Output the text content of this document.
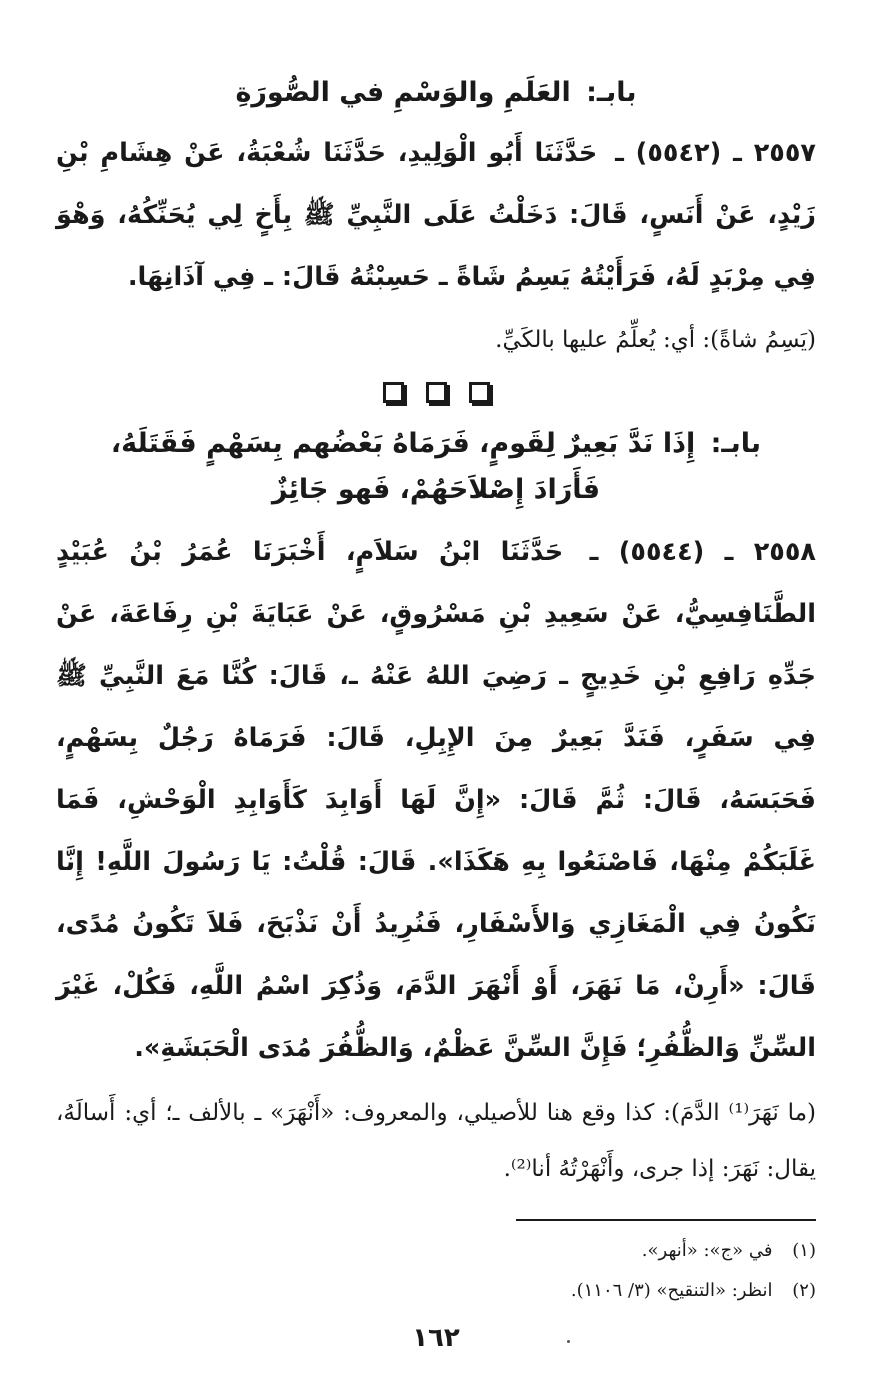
بابـ: العَلَمِ والوَسْمِ في الصُّورَةِ

٢٥٥٧ ـ (٥٥٤٢) ـ حَدَّثَنَا أَبُو الْوَلِيدِ، حَدَّثَنَا شُعْبَةُ، عَنْ هِشَامِ بْنِ زَيْدٍ، عَنْ أَنَسٍ، قَالَ: دَخَلْتُ عَلَى النَّبِيِّ ﷺ بِأَخٍ لِي يُحَنِّكُهُ، وَهْوَ فِي مِرْبَدٍ لَهُ، فَرَأَيْتُهُ يَسِمُ شَاةً ـ حَسِبْتُهُ قَالَ: ـ فِي آذَانِهَا.

(يَسِمُ شاةً): أي: يُعلِّمُ عليها بالكَيِّ.

بابـ: إِذَا نَدَّ بَعِيرٌ لِقَومٍ، فَرَمَاهُ بَعْضُهم بِسَهْمٍ فَقَتَلَهُ،
فَأَرَادَ إِصْلاَحَهُمْ، فَهو جَائِزٌ

٢٥٥٨ ـ (٥٥٤٤) ـ حَدَّثَنَا ابْنُ سَلاَمٍ، أَخْبَرَنَا عُمَرُ بْنُ عُبَيْدٍ الطَّنَافِسِيُّ، عَنْ سَعِيدِ بْنِ مَسْرُوقٍ، عَنْ عَبَايَةَ بْنِ رِفَاعَةَ، عَنْ جَدِّهِ رَافِعِ بْنِ خَدِيجٍ ـ رَضِيَ اللهُ عَنْهُ ـ، قَالَ: كُنَّا مَعَ النَّبِيِّ ﷺ فِي سَفَرٍ، فَنَدَّ بَعِيرٌ مِنَ الإِبِلِ، قَالَ: فَرَمَاهُ رَجُلٌ بِسَهْمٍ، فَحَبَسَهُ، قَالَ: ثُمَّ قَالَ: «إِنَّ لَهَا أَوَابِدَ كَأَوَابِدِ الْوَحْشِ، فَمَا غَلَبَكُمْ مِنْهَا، فَاصْنَعُوا بِهِ هَكَذَا». قَالَ: قُلْتُ: يَا رَسُولَ اللَّهِ! إِنَّا نَكُونُ فِي الْمَغَازِي وَالأَسْفَارِ، فَنُرِيدُ أَنْ نَذْبَحَ، فَلاَ تَكُونُ مُدًى، قَالَ: «أَرِنْ، مَا نَهَرَ، أَوْ أَنْهَرَ الدَّمَ، وَذُكِرَ اسْمُ اللَّهِ، فَكُلْ، غَيْرَ السِّنِّ وَالظُّفُرِ؛ فَإِنَّ السِّنَّ عَظْمٌ، وَالظُّفُرَ مُدَى الْحَبَشَةِ».

(ما نَهَرَ⁽¹⁾ الدَّمَ): كذا وقع هنا للأصيلي، والمعروف: «أَنْهَرَ» ـ بالألف ـ؛ أي: أَسالَهُ، يقال: نَهَرَ: إذا جرى، وأَنْهَرْتُهُ أنا⁽²⁾.

(١) في «ج»: «أنهر».

(٢) انظر: «التنقيح» (٣/ ١١٠٦).

١٦٢
